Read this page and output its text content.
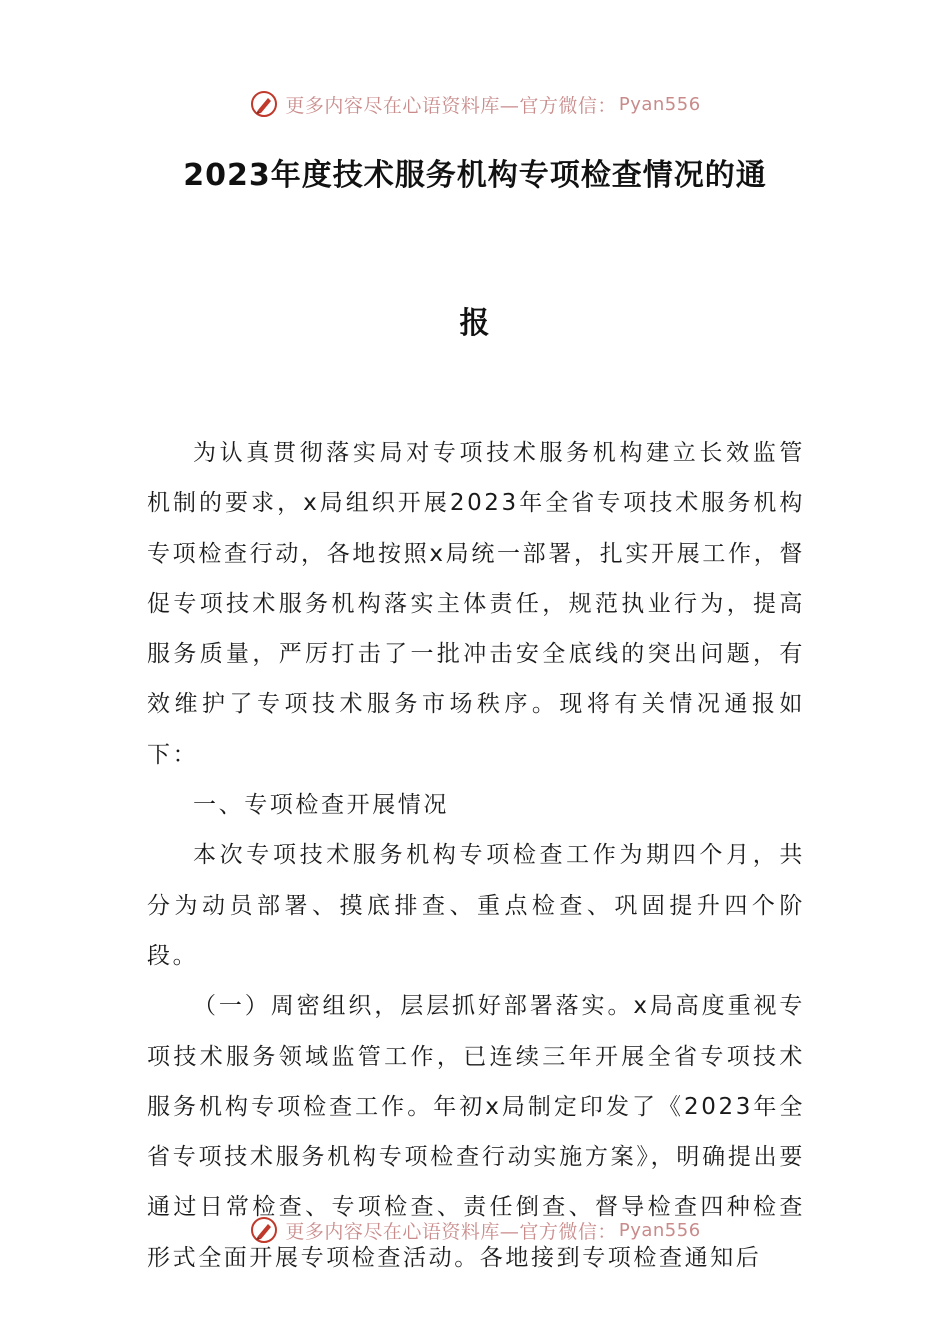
更多内容尽在心语资料库—官方微信： Pyan556
2023年度技术服务机构专项检查情况的通
报

为认真贯彻落实局对专项技术服务机构建立长效监管机制的要求，x局组织开展2023年全省专项技术服务机构专项检查行动，各地按照x局统一部署，扎实开展工作，督促专项技术服务机构落实主体责任，规范执业行为，提高服务质量，严厉打击了一批冲击安全底线的突出问题，有效维护了专项技术服务市场秩序。现将有关情况通报如下：

一、专项检查开展情况

本次专项技术服务机构专项检查工作为期四个月，共分为动员部署、摸底排查、重点检查、巩固提升四个阶段。

（一）周密组织，层层抓好部署落实。x局高度重视专项技术服务领域监管工作，已连续三年开展全省专项技术服务机构专项检查工作。年初x局制定印发了《2023年全省专项技术服务机构专项检查行动实施方案》，明确提出要通过日常检查、专项检查、责任倒查、督导检查四种检查形式全面开展专项检查活动。各地接到专项检查通知后

更多内容尽在心语资料库—官方微信： Pyan556
